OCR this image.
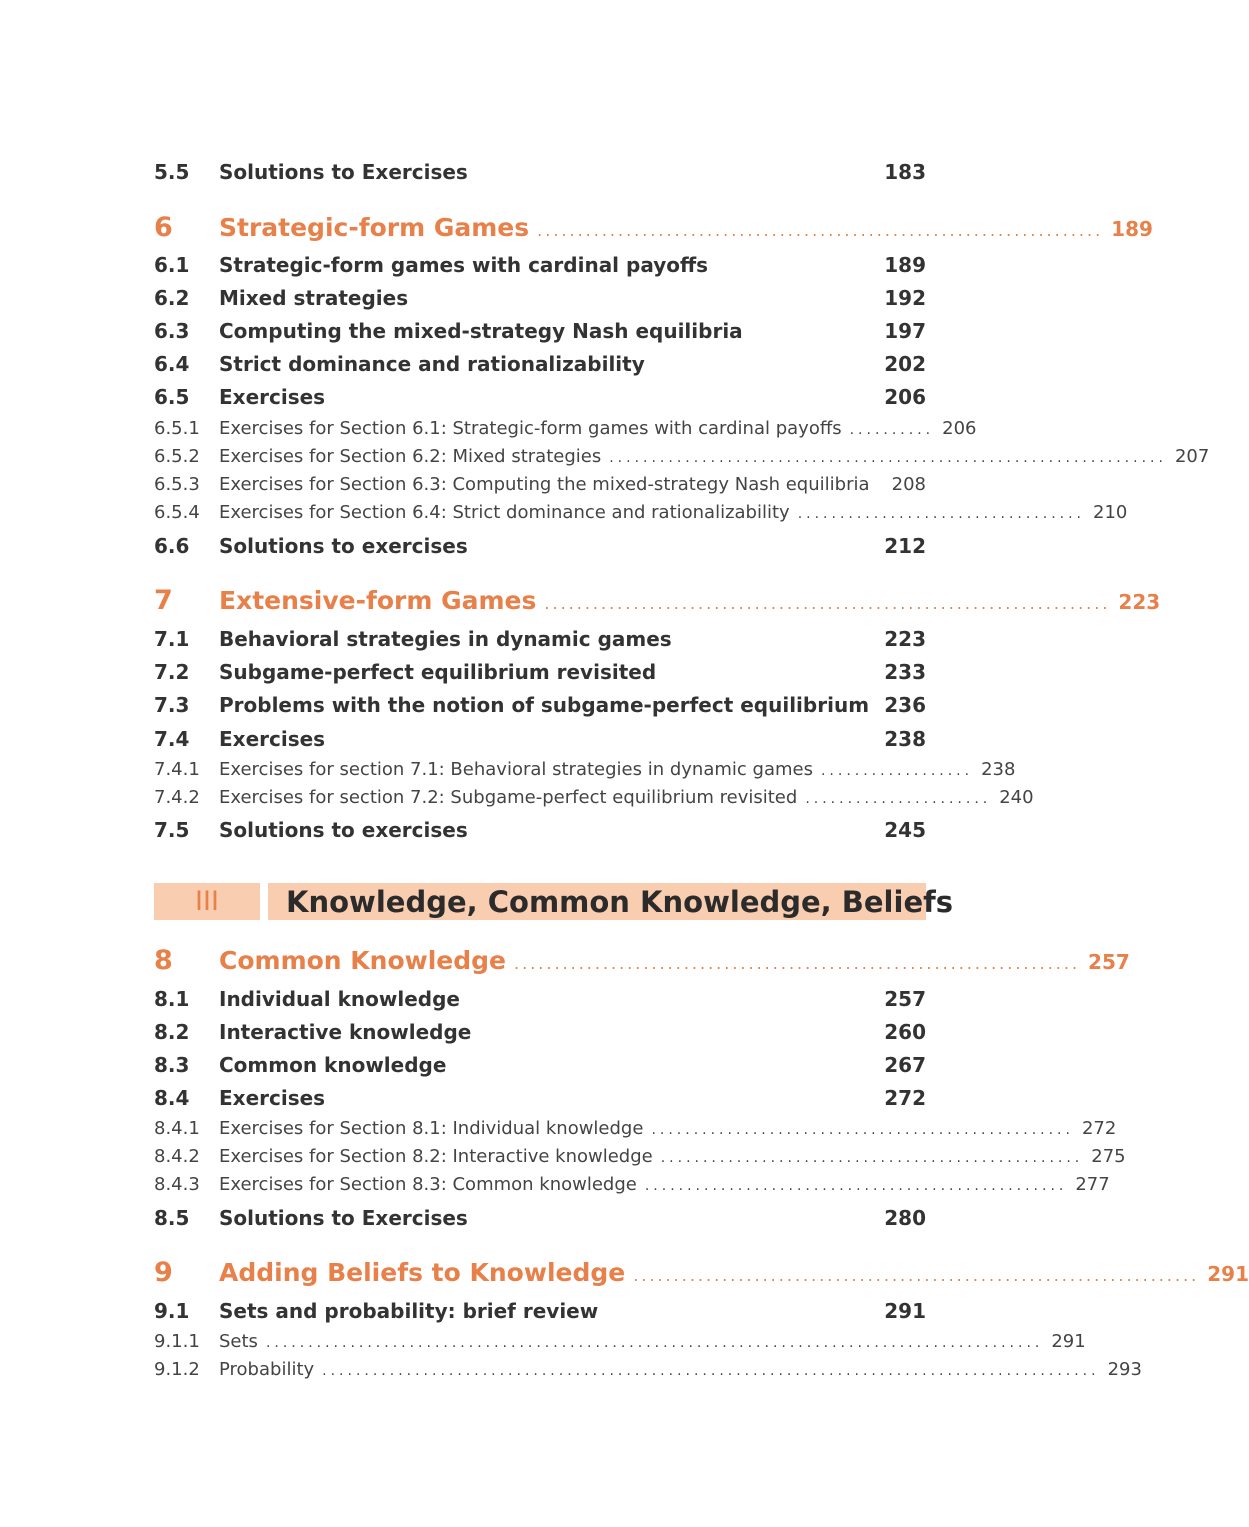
5.5	Solutions to Exercises	183
6	Strategic-form Games ...................................................................... 189
6.1	Strategic-form games with cardinal payoffs	189
6.2	Mixed strategies	192
6.3	Computing the mixed-strategy Nash equilibria	197
6.4	Strict dominance and rationalizability	202
6.5	Exercises	206
6.5.1	Exercises for Section 6.1: Strategic-form games with cardinal payoffs .......... 206
6.5.2	Exercises for Section 6.2: Mixed strategies .................................................................. 207
6.5.3	Exercises for Section 6.3: Computing the mixed-strategy Nash equilibria 208
6.5.4	Exercises for Section 6.4: Strict dominance and rationalizability .................................. 210
6.6	Solutions to exercises	212
7	Extensive-form Games ...................................................................... 223
7.1	Behavioral strategies in dynamic games	223
7.2	Subgame-perfect equilibrium revisited	233
7.3	Problems with the notion of subgame-perfect equilibrium 236
7.4	Exercises	238
7.4.1	Exercises for section 7.1: Behavioral strategies in dynamic games .................. 238
7.4.2	Exercises for section 7.2: Subgame-perfect equilibrium revisited ...................... 240
7.5	Solutions to exercises	245
III	Knowledge, Common Knowledge, Beliefs
8	Common Knowledge ...................................................................... 257
8.1	Individual knowledge	257
8.2	Interactive knowledge	260
8.3	Common knowledge	267
8.4	Exercises	272
8.4.1	Exercises for Section 8.1: Individual knowledge .................................................. 272
8.4.2	Exercises for Section 8.2: Interactive knowledge .................................................. 275
8.4.3	Exercises for Section 8.3: Common knowledge .................................................. 277
8.5	Solutions to Exercises	280
9	Adding Beliefs to Knowledge ...................................................................... 291
9.1	Sets and probability: brief review	291
9.1.1	Sets ............................................................................................ 291
9.1.2	Probability ............................................................................................ 293
